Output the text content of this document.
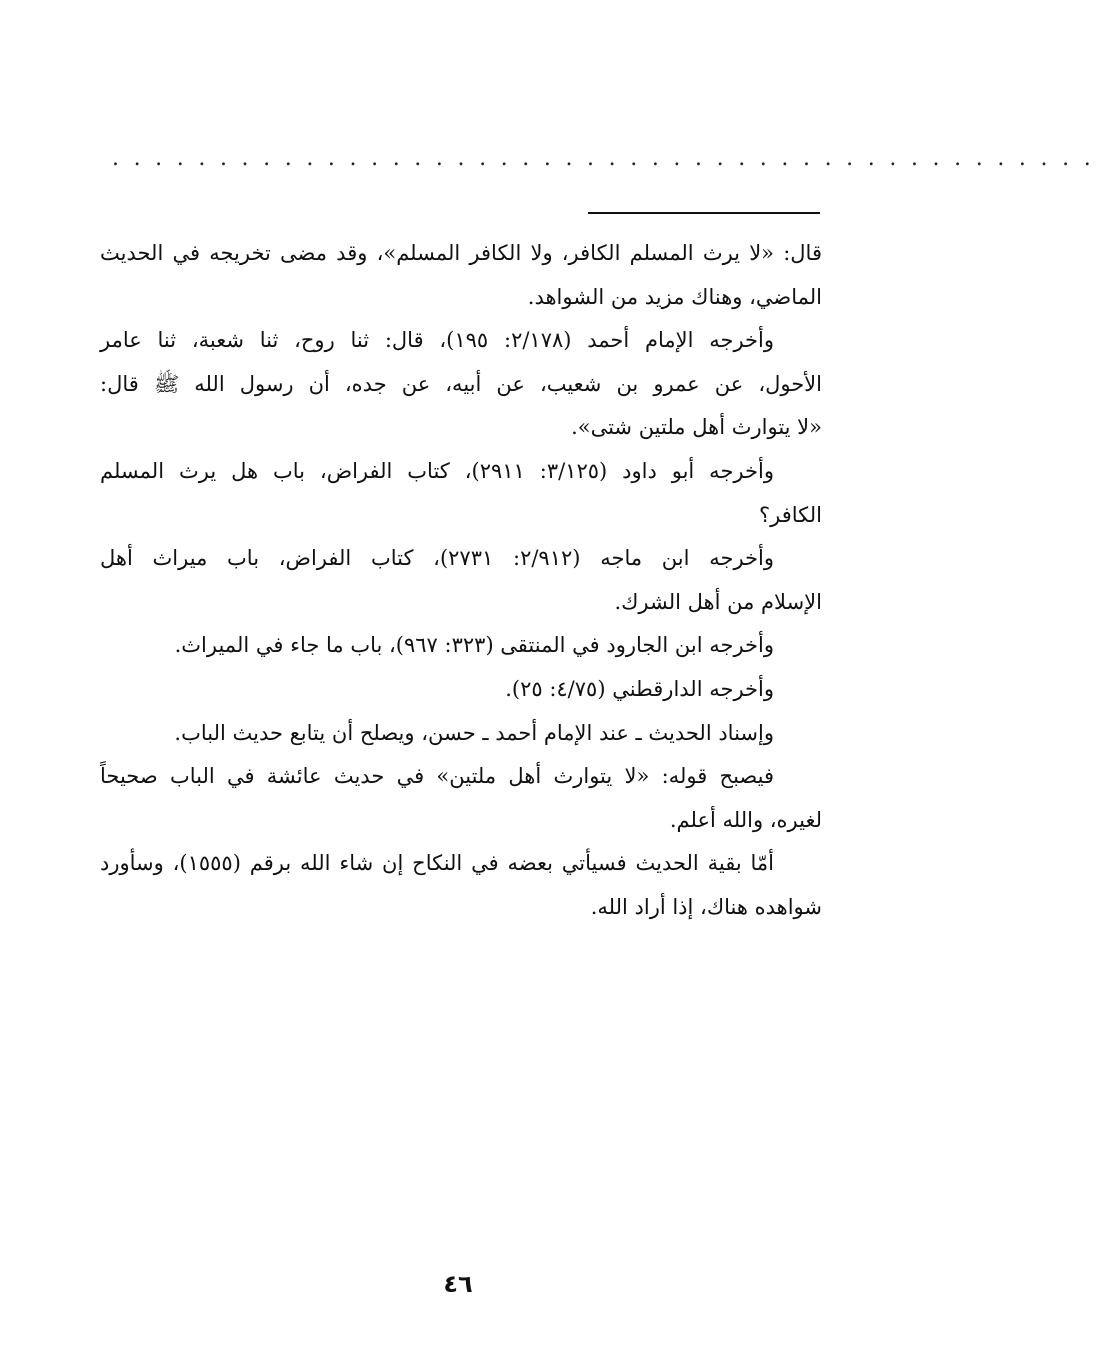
..............................................

قال: «لا يرث المسلم الكافر، ولا الكافر المسلم»، وقد مضى تخريجه في الحديث
الماضي، وهناك مزيد من الشواهد.

وأخرجه الإمام أحمد (٢/١٧٨: ١٩٥)، قال: ثنا روح، ثنا شعبة، ثنا عامر
الأحول، عن عمرو بن شعيب، عن أبيه، عن جده، أن رسول الله ﷺ قال:
«لا يتوارث أهل ملتين شتى».

وأخرجه أبو داود (٣/١٢٥: ٢٩١١)، كتاب الفراض، باب هل يرث المسلم
الكافر؟

وأخرجه ابن ماجه (٢/٩١٢: ٢٧٣١)، كتاب الفراض، باب ميراث أهل
الإسلام من أهل الشرك.

وأخرجه ابن الجارود في المنتقى (٣٢٣: ٩٦٧)، باب ما جاء في الميراث.

وأخرجه الدارقطني (٤/٧٥: ٢٥).

وإسناد الحديث ـ عند الإمام أحمد ـ حسن، ويصلح أن يتابع حديث الباب.

فيصبح قوله: «لا يتوارث أهل ملتين» في حديث عائشة في الباب صحيحاً
لغيره، والله أعلم.

أمّا بقية الحديث فسيأتي بعضه في النكاح إن شاء الله برقم (١٥٥٥)، وسأورد
شواهده هناك، إذا أراد الله.

٤٦
